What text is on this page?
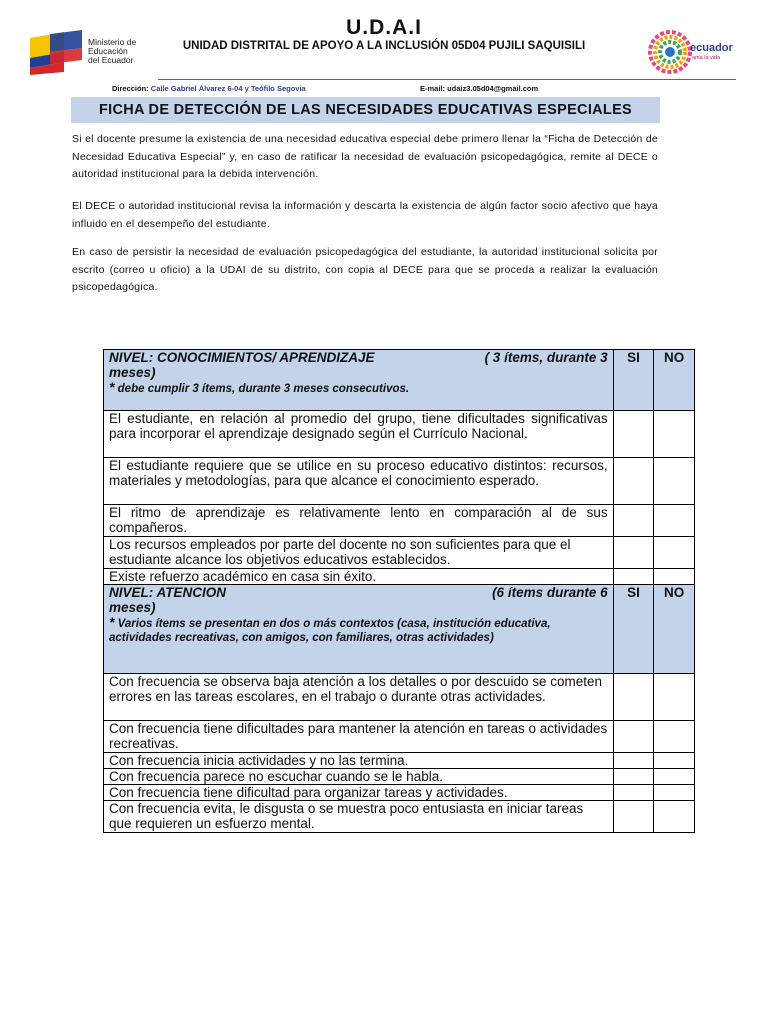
Ministerio de
Educación
del Ecuador
ecuador
ama la vida
U.D.A.I
UNIDAD DISTRITAL DE APOYO A LA INCLUSIÓN 05D04 PUJILI SAQUISILI
Dirección: Calle Gabriel Álvarez 6-04 y Teófilo Segovia	E-mail: udaiz3.05d04@gmail.com
FICHA DE DETECCIÓN DE LAS NECESIDADES EDUCATIVAS ESPECIALES

Si el docente presume la existencia de una necesidad educativa especial debe primero llenar la “Ficha de Detección de Necesidad Educativa Especial” y, en caso de ratificar la necesidad de evaluación psicopedagógica, remite al DECE o autoridad institucional para la debida intervención.

El DECE o autoridad institucional revisa la información y descarta la existencia de algún factor socio afectivo que haya influido en el desempeño del estudiante.

En caso de persistir la necesidad de evaluación psicopedagógica del estudiante, la autoridad institucional solicita por escrito (correo u oficio) a la UDAI de su distrito, con copia al DECE para que se proceda a realizar la evaluación psicopedagógica.

NIVEL: CONOCIMIENTOS/ APRENDIZAJE ( 3 ítems, durante 3
meses)
* debe cumplir 3 ítems, durante 3 meses consecutivos.	SI	NO
El estudiante, en relación al promedio del grupo, tiene dificultades significativas para incorporar el aprendizaje designado según el Currículo Nacional.		
El estudiante requiere que se utilice en su proceso educativo distintos: recursos, materiales y metodologías, para que alcance el conocimiento esperado.		
El ritmo de aprendizaje es relativamente lento en comparación al de sus compañeros.		
Los recursos empleados por parte del docente no son suficientes para que el estudiante alcance los objetivos educativos establecidos.		
Existe refuerzo académico en casa sin éxito.		

NIVEL: ATENCION (6 ítems durante 6
meses)
* Varios ítems se presentan en dos o más contextos (casa, institución educativa, actividades recreativas, con amigos, con familiares, otras actividades)	SI	NO
Con frecuencia se observa baja atención a los detalles o por descuido se cometen errores en las tareas escolares, en el trabajo o durante otras actividades.		
Con frecuencia tiene dificultades para mantener la atención en tareas o actividades recreativas.		
Con frecuencia inicia actividades y no las termina.		
Con frecuencia parece no escuchar cuando se le habla.		
Con frecuencia tiene dificultad para organizar tareas y actividades.		
Con frecuencia evita, le disgusta o se muestra poco entusiasta en iniciar tareas que requieren un esfuerzo mental.		
